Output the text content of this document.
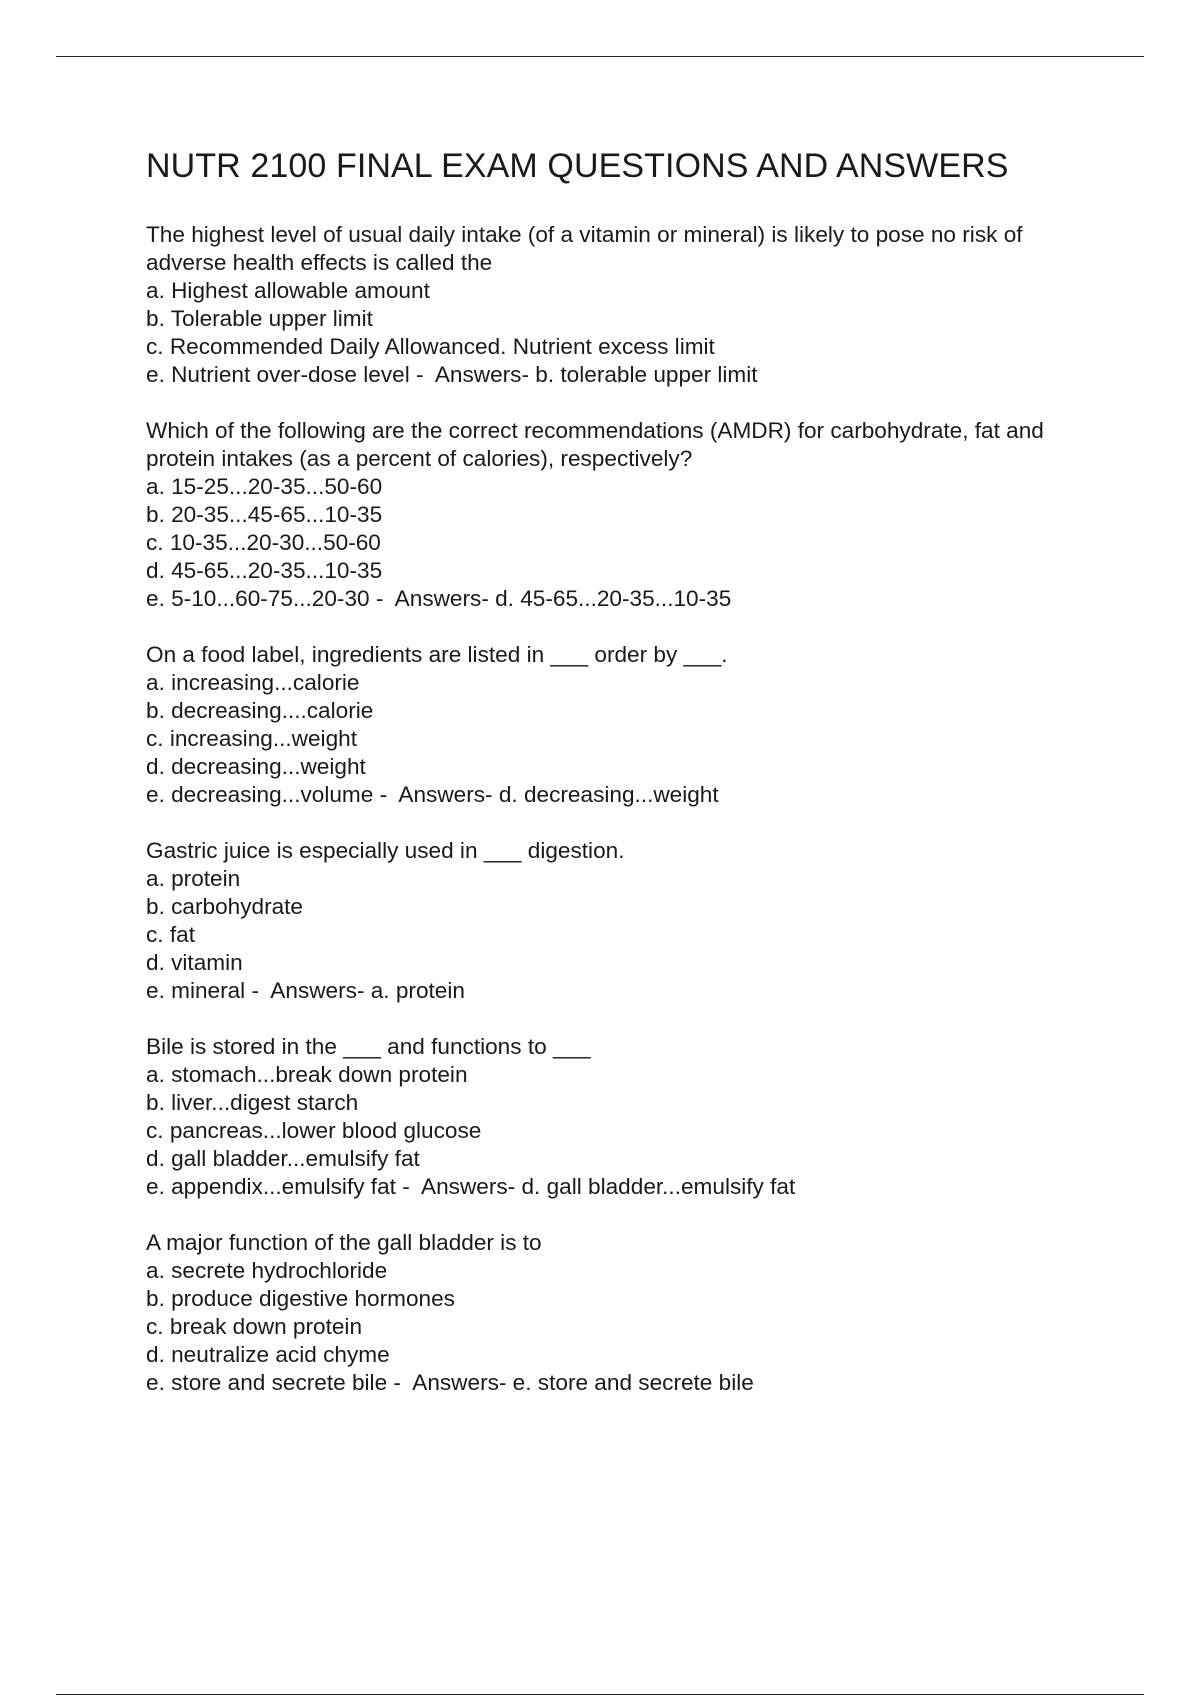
NUTR 2100 FINAL EXAM QUESTIONS AND ANSWERS
The highest level of usual daily intake (of a vitamin or mineral) is likely to pose no risk of adverse health effects is called the
a. Highest allowable amount
b. Tolerable upper limit
c. Recommended Daily Allowanced. Nutrient excess limit
e. Nutrient over-dose level -  Answers- b. tolerable upper limit
Which of the following are the correct recommendations (AMDR) for carbohydrate, fat and protein intakes (as a percent of calories), respectively?
a. 15-25...20-35...50-60
b. 20-35...45-65...10-35
c. 10-35...20-30...50-60
d. 45-65...20-35...10-35
e. 5-10...60-75...20-30 -  Answers- d. 45-65...20-35...10-35
On a food label, ingredients are listed in ___ order by ___.
a. increasing...calorie
b. decreasing....calorie
c. increasing...weight
d. decreasing...weight
e. decreasing...volume -  Answers- d. decreasing...weight
Gastric juice is especially used in ___ digestion.
a. protein
b. carbohydrate
c. fat
d. vitamin
e. mineral -  Answers- a. protein
Bile is stored in the ___ and functions to ___
a. stomach...break down protein
b. liver...digest starch
c. pancreas...lower blood glucose
d. gall bladder...emulsify fat
e. appendix...emulsify fat -  Answers- d. gall bladder...emulsify fat
A major function of the gall bladder is to
a. secrete hydrochloride
b. produce digestive hormones
c. break down protein
d. neutralize acid chyme
e. store and secrete bile -  Answers- e. store and secrete bile
